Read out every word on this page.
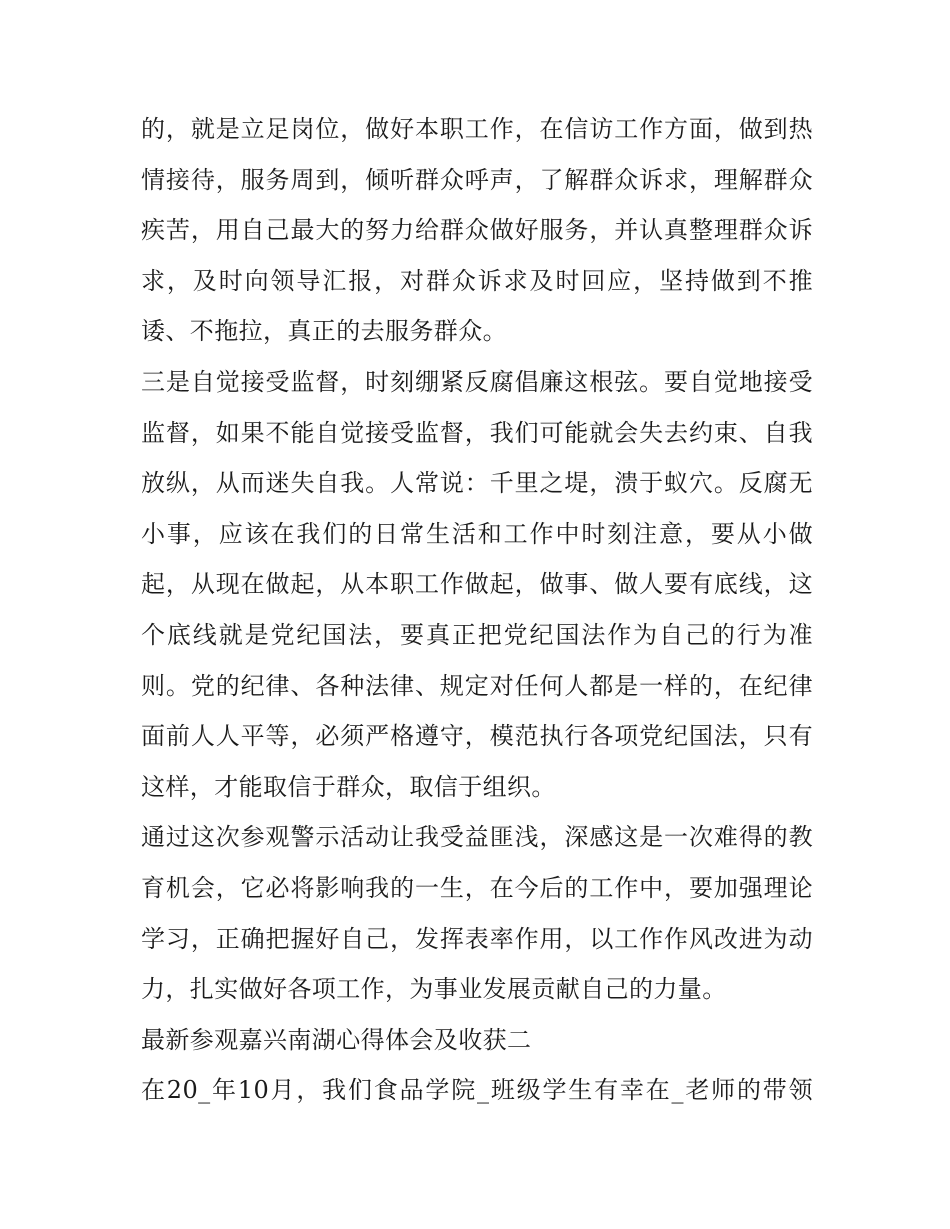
的，就是立足岗位，做好本职工作，在信访工作方面，做到热
情接待，服务周到，倾听群众呼声，了解群众诉求，理解群众
疾苦，用自己最大的努力给群众做好服务，并认真整理群众诉
求，及时向领导汇报，对群众诉求及时回应，坚持做到不推
诿、不拖拉，真正的去服务群众。
三是自觉接受监督，时刻绷紧反腐倡廉这根弦。要自觉地接受
监督，如果不能自觉接受监督，我们可能就会失去约束、自我
放纵，从而迷失自我。人常说：千里之堤，溃于蚁穴。反腐无
小事，应该在我们的日常生活和工作中时刻注意，要从小做
起，从现在做起，从本职工作做起，做事、做人要有底线，这
个底线就是党纪国法，要真正把党纪国法作为自己的行为准
则。党的纪律、各种法律、规定对任何人都是一样的，在纪律
面前人人平等，必须严格遵守，模范执行各项党纪国法，只有
这样，才能取信于群众，取信于组织。
通过这次参观警示活动让我受益匪浅，深感这是一次难得的教
育机会，它必将影响我的一生，在今后的工作中，要加强理论
学习，正确把握好自己，发挥表率作用，以工作作风改进为动
力，扎实做好各项工作，为事业发展贡献自己的力量。
最新参观嘉兴南湖心得体会及收获二
在20_年10月，我们食品学院_班级学生有幸在_老师的带领
